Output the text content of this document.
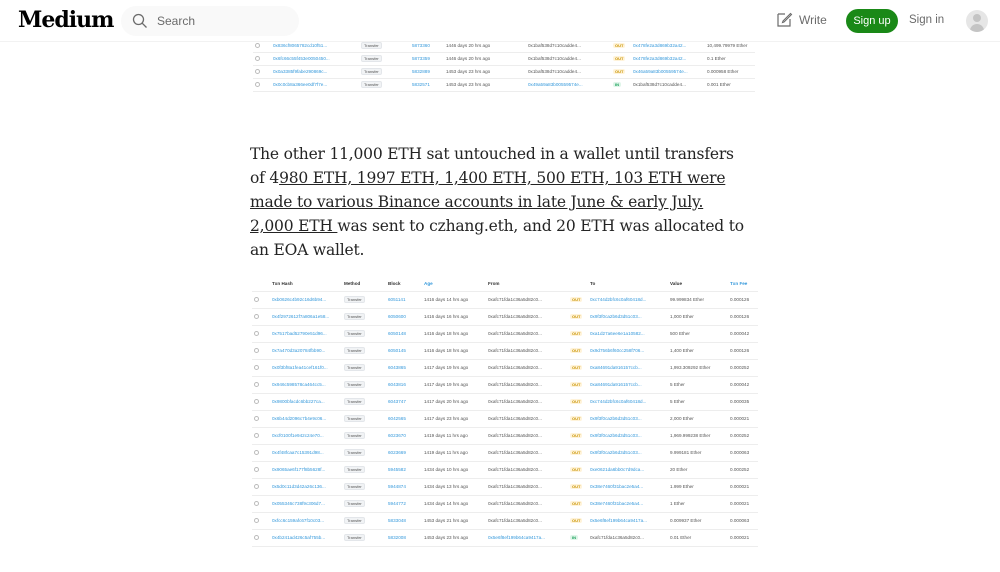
Medium	Search	Write	Sign up	Sign in
	0x836cf8065782cd10f51...	Transfer	5873360	1446 days 20 hrs ago	0x1baf538d7c10cadde4...	OUT	0x478fe2a3d869b32a42...	10,499.79979 Ether
	0x6fc66c55f453e0050450...	Transfer	5873359	1446 days 20 hrs ago	0x1baf538d7c10cadde4...	OUT	0x478fe2a3d869b32a42...	0.1 Ether
	0x0a3385f9fabe290869c...	Transfer	5832889	1453 days 23 hrs ago	0x1baf538d7c10cadde4...	OUT	0x46a59a83b00559574e...	0.000958 Ether
	0x0c0cb8a366ee0df7f7e...	Transfer	5832571	1453 days 23 hrs ago	0x49a59a83b00559574e...	IN	0x1baf538d7c10cadde4...	0.001 Ether

The other 11,000 ETH sat untouched in a wallet until transfers of 4980 ETH, 1997 ETH, 1,400 ETH, 500 ETH, 103 ETH were made to various Binance accounts in late June & early July. 2,000 ETH was sent to czhang.eth, and 20 ETH was allocated to an EOA wallet.

	Txn Hash	Method	Block	Age	From		To	Value	Txn Fee
	0xb0626c4b92c16d6b94...	Transfer	6051141	1416 days 14 hrs ago	0xafc71fda1c36a5d82c0...	OUT	0xc744d2bfc6c0af60418d...	99.999834 Ether	0.000126
	0x4f2972612f7a806a1e58...	Transfer	6050600	1416 days 16 hrs ago	0xafc71fda1c36a5d82c0...	OUT	0x9f3f0ca2b6d3d51c03...	1,000 Ether	0.000126
	0x7517bad52790e51d96...	Transfer	6050148	1416 days 18 hrs ago	0xafc71fda1c36a5d82c0...	OUT	0xa1d27a6ee6e1a10582...	500 Ether	0.000042
	0x7a470d3a20784fbb90...	Transfer	6050145	1416 days 18 hrs ago	0xafc71fda1c36a5d82c0...	OUT	0x9d756b6f60cc258f706...	1,400 Ether	0.000126
	0x0f3bf8a1fea41cef161f0...	Transfer	6043865	1417 days 19 hrs ago	0xafc71fda1c36a5d82c0...	OUT	0xa84691da916157ccb...	1,993.309292 Ether	0.000252
	0x946c598578ca464cc5...	Transfer	6043816	1417 days 19 hrs ago	0xafc71fda1c36a5d82c0...	OUT	0xa84691da916157ccb...	5 Ether	0.000042
	0x9800bfacdc6bb227ca...	Transfer	6043747	1417 days 20 hrs ago	0xafc71fda1c36a5d82c0...	OUT	0xc744d2bfc6c0af60418d...	5 Ether	0.000035
	0x6b44d2096c7b4e9c06...	Transfer	6042565	1417 days 23 hrs ago	0xafc71fda1c36a5d82c0...	OUT	0x9f3f0ca2b6d3d51c03...	2,000 Ether	0.000021
	0xcf0100f1e942c24e70...	Transfer	6023670	1419 days 11 hrs ago	0xafc71fda1c36a5d82c0...	OUT	0x9f3f0ca2b6d3d51c03...	1,969.999238 Ether	0.000252
	0x4f48fcaa7c15391d98...	Transfer	6023669	1419 days 11 hrs ago	0xafc71fda1c36a5d82c0...	OUT	0x9f3f0ca2b6d3d51c03...	9.999181 Ether	0.000063
	0x9065ae6f177f8b5628f...	Transfer	5945582	1434 days 10 hrs ago	0xafc71fda1c36a5d82c0...	OUT	0xe0621da6bb0c7d9dca...	20 Ether	0.000252
	0x5d0c11d3d42a26c136...	Transfer	5944874	1434 days 13 hrs ago	0xafc71fda1c36a5d82c0...	OUT	0x38e7460f31bac2e5a4...	1.999 Ether	0.000021
	0x055346c738f9c306d7...	Transfer	5944772	1434 days 14 hrs ago	0xafc71fda1c36a5d82c0...	OUT	0x38e7460f31bac2e5a4...	1 Ether	0.000021
	0xfcc6c159afc67f10c03...	Transfer	5833048	1453 days 21 hrs ago	0xafc71fda1c36a5d82c0...	OUT	0x5e6f8ef199b64ca9417a...	0.009937 Ether	0.000063
	0x4b241ad426c5af755b...	Transfer	5832008	1453 days 23 hrs ago	0x5e6f8ef199b64ca9417a...	IN	0xafc71fda1c36a5d82c0...	0.01 Ether	0.000021
